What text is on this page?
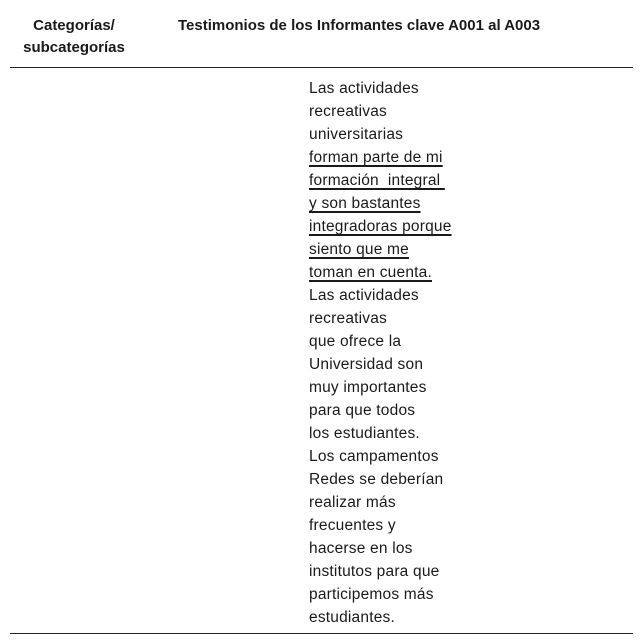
Categorías/
subcategorías
Testimonios de los Informantes clave A001 al A003
Las actividades
recreativas
universitarias
forman parte de mi
formación  integral
y son bastantes
integradoras porque
siento que me
toman en cuenta.
Las actividades
recreativas
que ofrece la
Universidad son
muy importantes
para que todos
los estudiantes.
Los campamentos
Redes se deberían
realizar más
frecuentes y
hacerse en los
institutos para que
participemos más
estudiantes.
